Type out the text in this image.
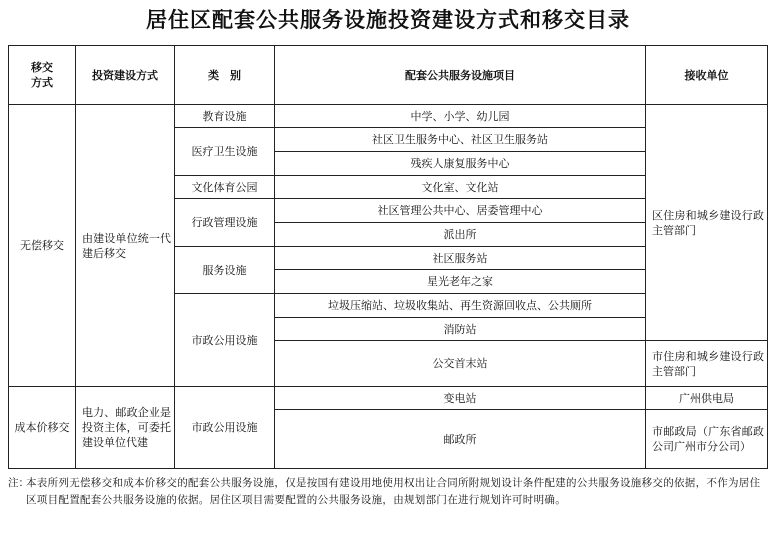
居住区配套公共服务设施投资建设方式和移交目录
移交
方式	投资建设方式	类　别	配套公共服务设施项目	接收单位
无偿移交	由建设单位统一代建后移交	教育设施	中学、小学、幼儿园	区住房和城乡建设行政主管部门
		医疗卫生设施	社区卫生服务中心、社区卫生服务站	
			残疾人康复服务中心	
		文化体育公园	文化室、文化站	
		行政管理设施	社区管理公共中心、居委管理中心	
			派出所	
		服务设施	社区服务站	
			星光老年之家	
		市政公用设施	垃圾压缩站、垃圾收集站、再生资源回收点、公共厕所	
			消防站	
			公交首末站	市住房和城乡建设行政主管部门
成本价移交	电力、邮政企业是投资主体，可委托建设单位代建	市政公用设施	变电站	广州供电局
			邮政所	市邮政局（广东省邮政公司广州市分公司）
注：
本表所列无偿移交和成本价移交的配套公共服务设施，仅是按国有建设用地使用权出让合同所附规划设计条件配建的公共服务设施移交的依据，不作为居住区项目配置配套公共服务设施的依据。居住区项目需要配置的公共服务设施，由规划部门在进行规划许可时明确。
